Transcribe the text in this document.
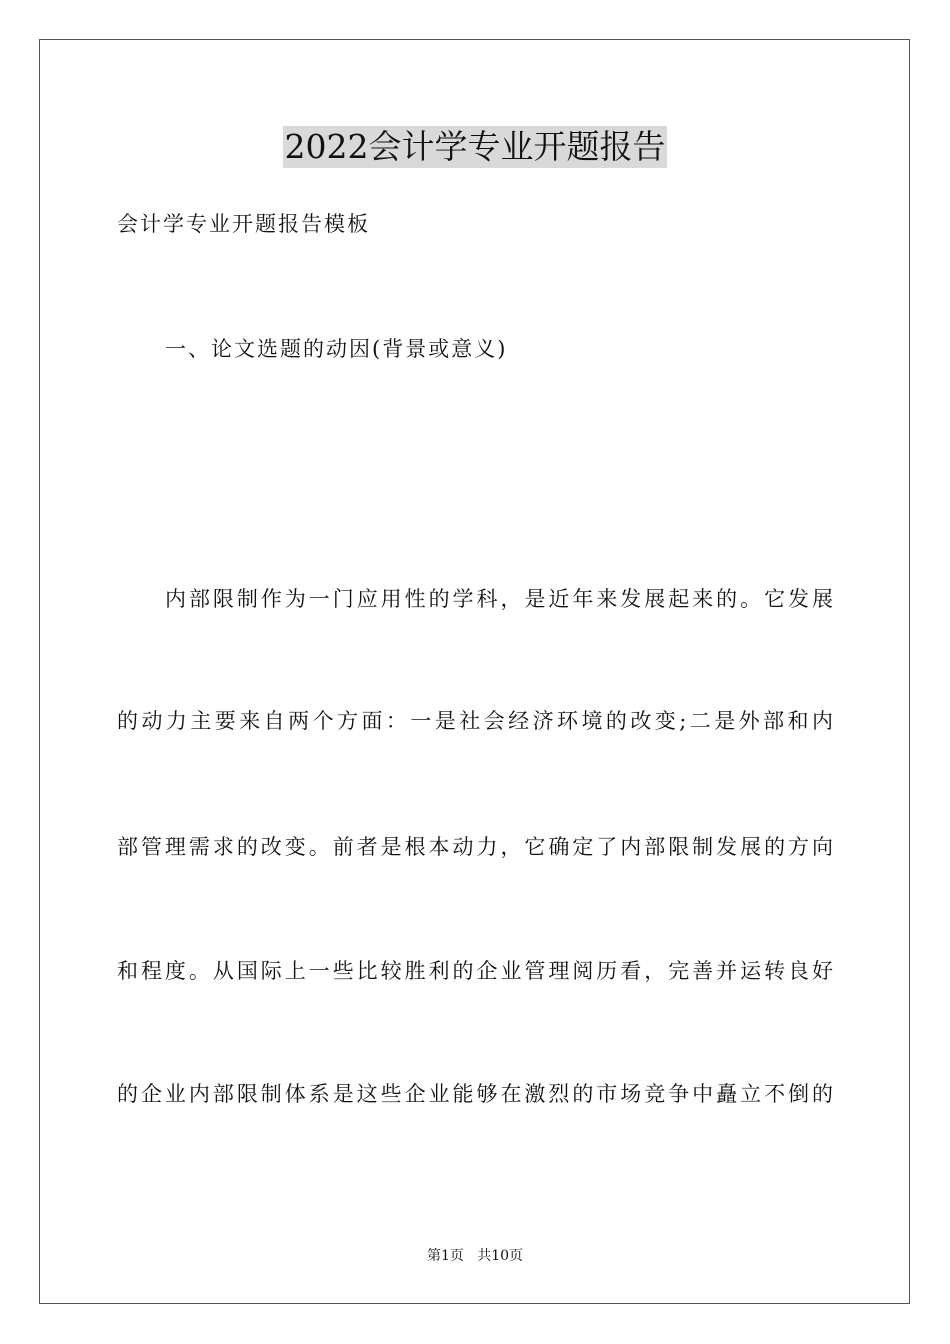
2022会计学专业开题报告
会计学专业开题报告模板
一、论文选题的动因(背景或意义)
内部限制作为一门应用性的学科，是近年来发展起来的。它发展
的动力主要来自两个方面：一是社会经济环境的改变;二是外部和内
部管理需求的改变。前者是根本动力，它确定了内部限制发展的方向
和程度。从国际上一些比较胜利的企业管理阅历看，完善并运转良好
的企业内部限制体系是这些企业能够在激烈的市场竞争中矗立不倒的
第1页   共10页
